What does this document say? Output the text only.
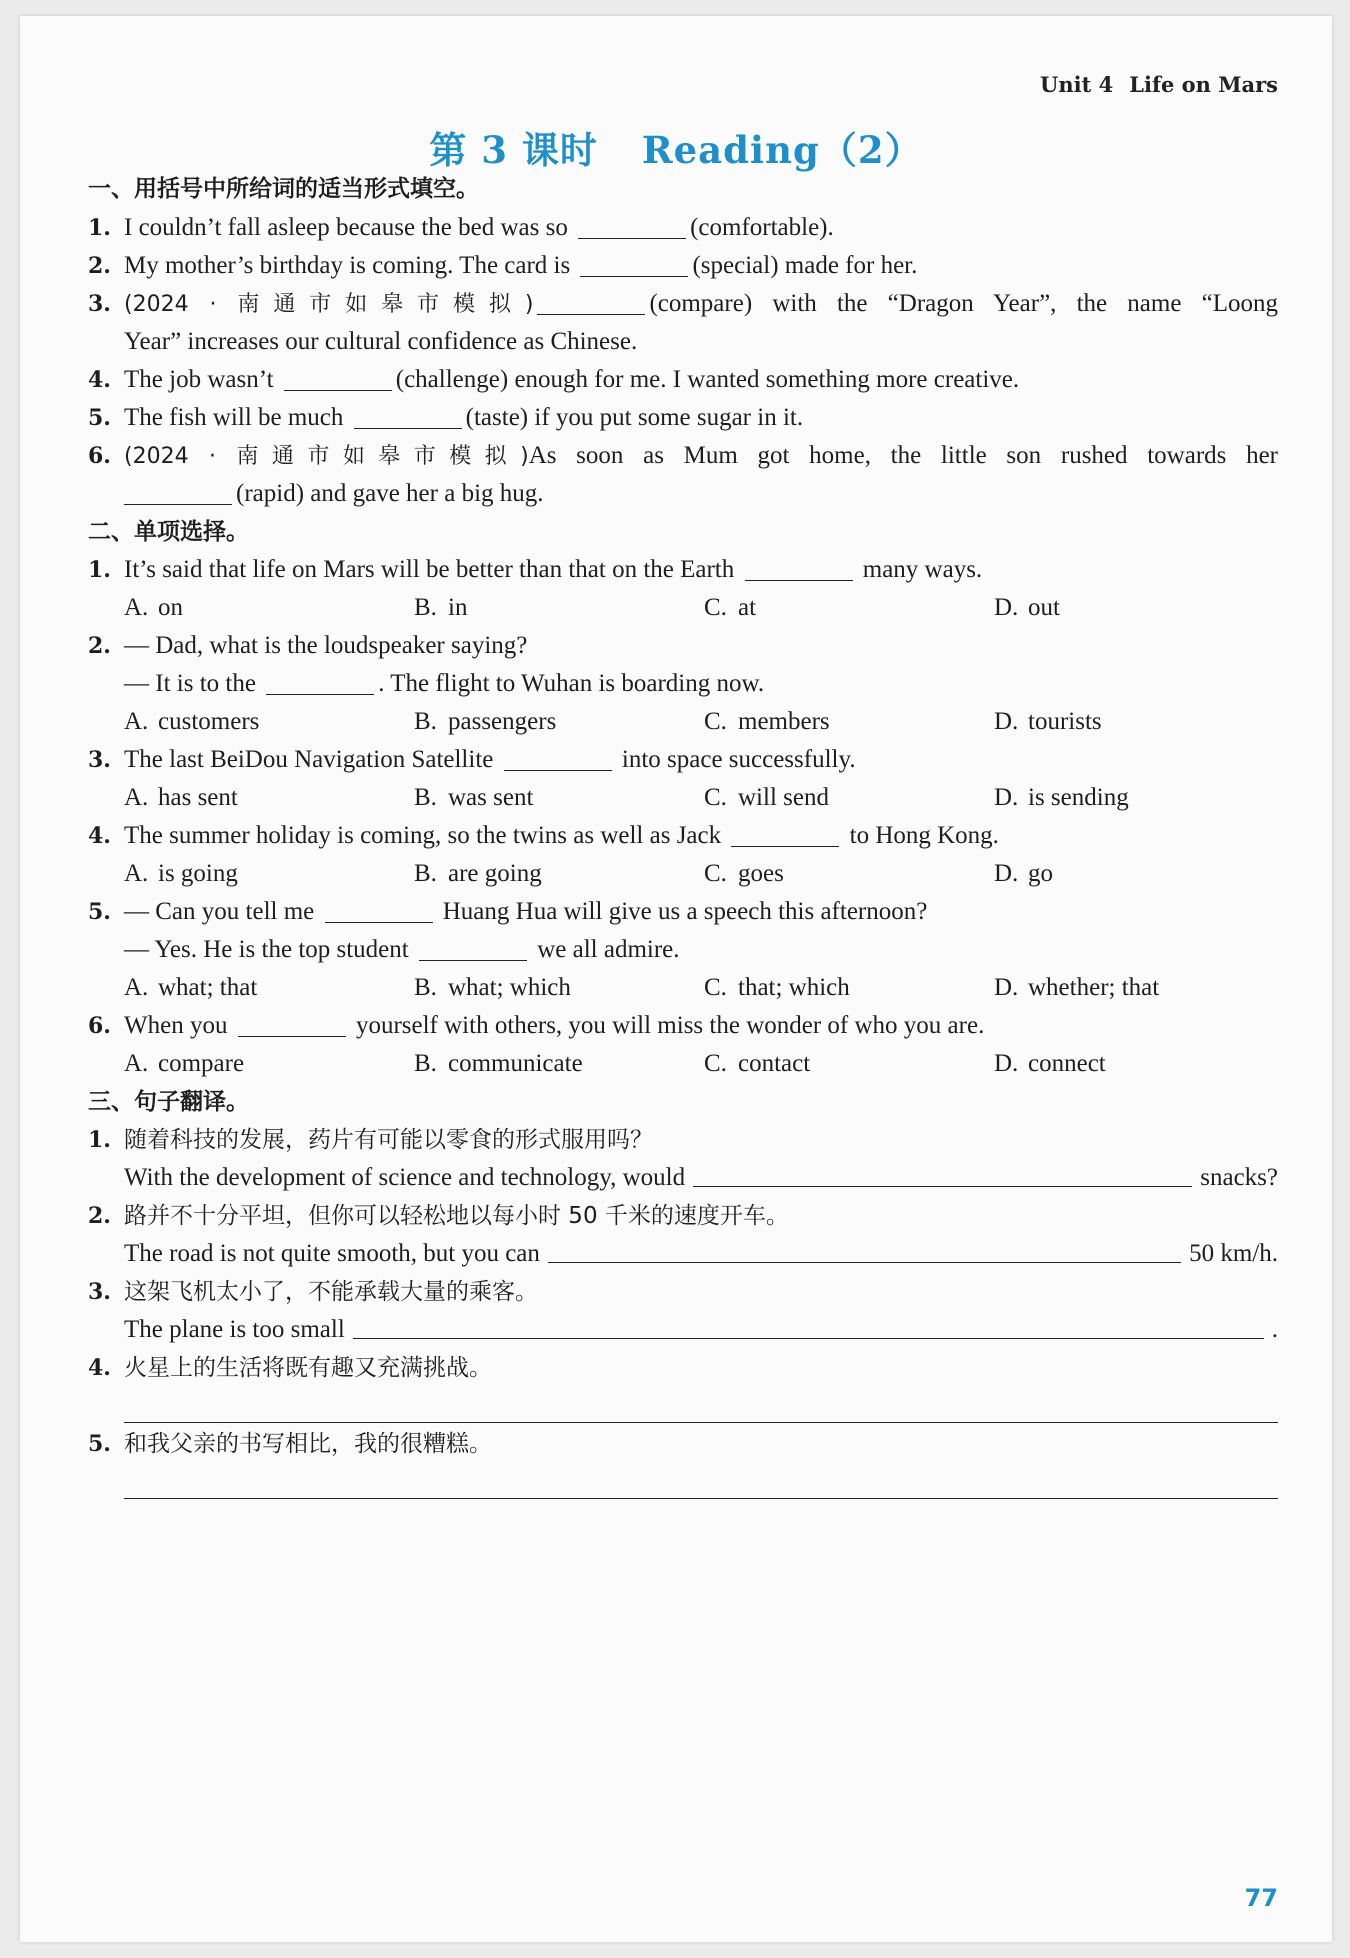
Unit 4 Life on Mars
第 3 课时 Reading（2）
一、用括号中所给词的适当形式填空。
1. I couldn’t fall asleep because the bed was so	(comfortable).
2. My mother’s birthday is coming. The card is	(special) made for her.
3. (2024 · 南通市如皋市模拟)	(compare) with the “Dragon Year”, the name “Loong
Year” increases our cultural confidence as Chinese.
4. The job wasn’t	(challenge) enough for me. I wanted something more creative.
5. The fish will be much	(taste) if you put some sugar in it.
6. (2024 · 南通市如皋市模拟)As soon as Mum got home, the little son rushed towards her
(rapid) and gave her a big hug.
二、单项选择。
1. It’s said that life on Mars will be better than that on the Earth	many ways.
A. on	B. in	C. at	D. out
2. — Dad, what is the loudspeaker saying?
— It is to the	. The flight to Wuhan is boarding now.
A. customers	B. passengers	C. members	D. tourists
3. The last BeiDou Navigation Satellite	into space successfully.
A. has sent	B. was sent	C. will send	D. is sending
4. The summer holiday is coming, so the twins as well as Jack	to Hong Kong.
A. is going	B. are going	C. goes	D. go
5. — Can you tell me	Huang Hua will give us a speech this afternoon?
— Yes. He is the top student	we all admire.
A. what; that	B. what; which	C. that; which	D. whether; that
6. When you	yourself with others, you will miss the wonder of who you are.
A. compare	B. communicate	C. contact	D. connect
三、句子翻译。
1. 随着科技的发展，药片有可能以零食的形式服用吗？
With the development of science and technology, would	snacks?
2. 路并不十分平坦，但你可以轻松地以每小时 50 千米的速度开车。
The road is not quite smooth, but you can	50 km/h.
3. 这架飞机太小了，不能承载大量的乘客。
The plane is too small	.
4. 火星上的生活将既有趣又充满挑战。
5. 和我父亲的书写相比，我的很糟糕。
77
